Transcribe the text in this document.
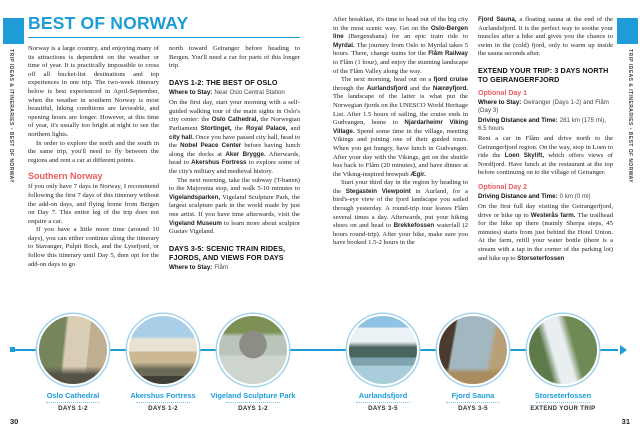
TRIP IDEAS & ITINERARIES • BEST OF NORWAY
TRIP IDEAS & ITINERARIES • BEST OF NORWAY
BEST OF NORWAY

Norway is a large country, and enjoying many of its attractions is dependent on the weather or time of year. It is practically impossible to cross off all bucket-list destinations and top experiences in one trip. The two-week itinerary below is best experienced in April-September, when the weather in southern Norway is most beautiful, hiking conditions are favorable, and opening hours are longer. However, at this time of year, it's usually too bright at night to see the northern lights.

In order to explore the north and the south in the same trip, you'll need to fly between the regions and rent a car at different points.

Southern Norway

If you only have 7 days in Norway, I recommend following the first 7 days of this itinerary without the add-on days, and flying home from Bergen on Day 7. This entire leg of the trip does not require a car.

If you have a little more time (around 10 days), you can either continue along the itinerary to Stavanger, Pulpit Rock, and the Lysefjord, or follow this itinerary until Day 5, then opt for the add-on days to go

north toward Geiranger before heading to Bergen. You'll need a car for parts of this longer trip.

DAYS 1-2: THE BEST OF OSLO
Where to Stay: Near Oslo Central Station

On the first day, start your morning with a self-guided walking tour of the main sights in Oslo's city center: the Oslo Cathedral, the Norwegian Parliament Stortinget, the Royal Palace, and city hall. Once you have passed city hall, head to the Nobel Peace Center before having lunch along the docks at Aker Brygge. Afterwards, head to Akershus Fortress to explore some of the city's military and medieval history.

The next morning, take the subway (T-banen) to the Majorstua stop, and walk 5-10 minutes to Vigelandsparken, Vigeland Sculpture Park, the largest sculpture park in the world made by just one artist. If you have time afterwards, visit the Vigeland Museum to learn more about sculptor Gustav Vigeland.

DAYS 3-5: SCENIC TRAIN RIDES, FJORDS, AND VIEWS FOR DAYS
Where to Stay: Flåm

After breakfast, it's time to head out of the big city in the most scenic way. Get on the Oslo-Bergen line (Bergensbana) for an epic train ride to Myrdal. The journey from Oslo to Myrdal takes 5 hours. There, change trains for the Flåm Railway to Flåm (1 hour), and enjoy the stunning landscape of the Flåm Valley along the way.

The next morning, head out on a fjord cruise through the Aurlandsfjord and the Nærøyfjord. The landscape of the latter is what put the Norwegian fjords on the UNESCO World Heritage List. After 1.5 hours of sailing, the cruise ends in Gudvangen, home to Njardarheimr Viking Village. Spend some time in the village, meeting Vikings and joining one of their guided tours. When you get hungry, have lunch in Gudvangen. After your day with the Vikings, get on the shuttle bus back to Flåm (20 minutes), and have dinner at the Viking-inspired brewpub Ægir.

Start your third day in the region by heading to the Stegastein Viewpoint in Aurland, for a bird's-eye view of the fjord landscape you sailed through yesterday. A round-trip tour leaves Flåm several times a day. Afterwards, put your hiking shoes on and head to Brekkefossen waterfall (2 hours round-trip). After your hike, make sure you have booked 1.5-2 hours in the

Fjord Sauna, a floating sauna at the end of the Aurlandsfjord. It is the perfect way to soothe your muscles after a hike and gives you the chance to swim in the (cold) fjord, only to warm up inside the sauna seconds after.

EXTEND YOUR TRIP: 3 DAYS NORTH TO GEIRANGERFJORD
Optional Day 1
Where to Stay: Geiranger (Days 1-2) and Flåm (Day 3)
Driving Distance and Time: 281 km (175 mi), 6.5 hours

Rent a car in Flåm and drive north to the Geirangerfjord region. On the way, stop in Loen to ride the Loen Skylift, which offers views of Nordfjord. Have lunch at the restaurant at the top before continuing on to the village of Geiranger.

Optional Day 2
Driving Distance and Time: 0 km (0 mi)

On the first full day visiting the Geirangerfjord, drive or hike up to Westerås farm. The trailhead for the hike up there (mainly Sherpa steps, 45 minutes) starts from just behind the Hotel Union. At the farm, refill your water bottle (there is a stream with a tap in the corner of the parking lot) and hike up to Storseterfossen

Oslo Cathedral
DAYS 1-2
Akershus Fortress
DAYS 1-2
Vigeland Sculpture Park
DAYS 1-2
Aurlandsfjord
DAYS 3-5
Fjord Sauna
DAYS 3-5
Storseterfossen
EXTEND YOUR TRIP
30	31
